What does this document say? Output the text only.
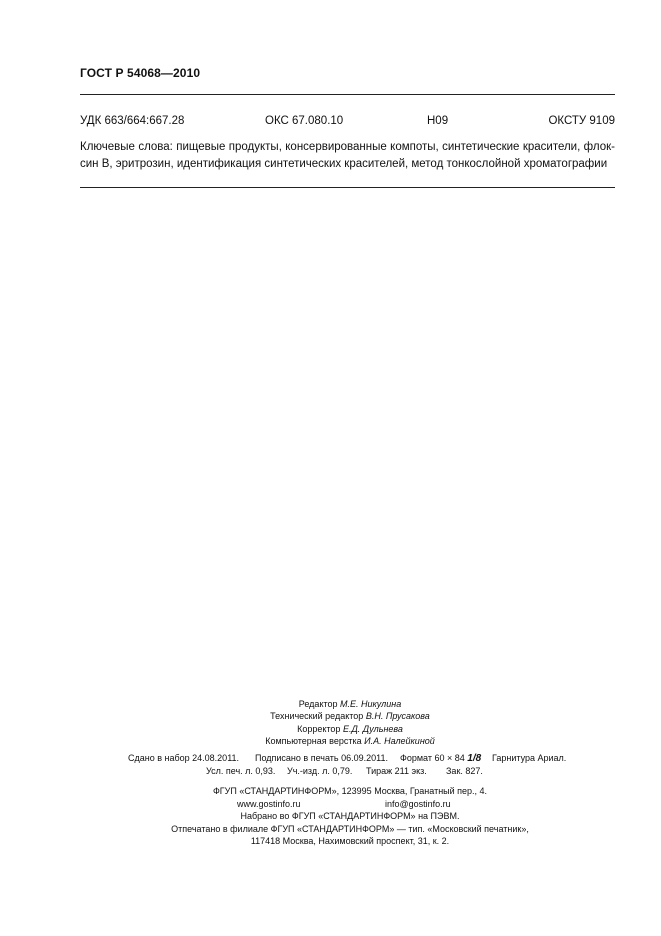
ГОСТ Р 54068—2010
УДК 663/664:667.28	ОКС 67.080.10	Н09	ОКСТУ 9109
Ключевые слова: пищевые продукты, консервированные компоты, синтетические красители, флок-
син В, эритрозин, идентификация синтетических красителей, метод тонкослойной хроматографии
Редактор М.Е. Никулина
Технический редактор В.Н. Прусакова
Корректор Е.Д. Дульнева
Компьютерная верстка И.А. Налейкиной
Сдано в набор 24.08.2011. Подписано в печать 06.09.2011. Формат 60 × 84 1/8 Гарнитура Ариал.
Усл. печ. л. 0,93. Уч.-изд. л. 0,79. Тираж 211 экз. Зак. 827.
ФГУП «СТАНДАРТИНФОРМ», 123995 Москва, Гранатный пер., 4.
www.gostinfo.ru	info@gostinfo.ru
Набрано во ФГУП «СТАНДАРТИНФОРМ» на ПЭВМ.
Отпечатано в филиале ФГУП «СТАНДАРТИНФОРМ» — тип. «Московский печатник»,
117418 Москва, Нахимовский проспект, 31, к. 2.
